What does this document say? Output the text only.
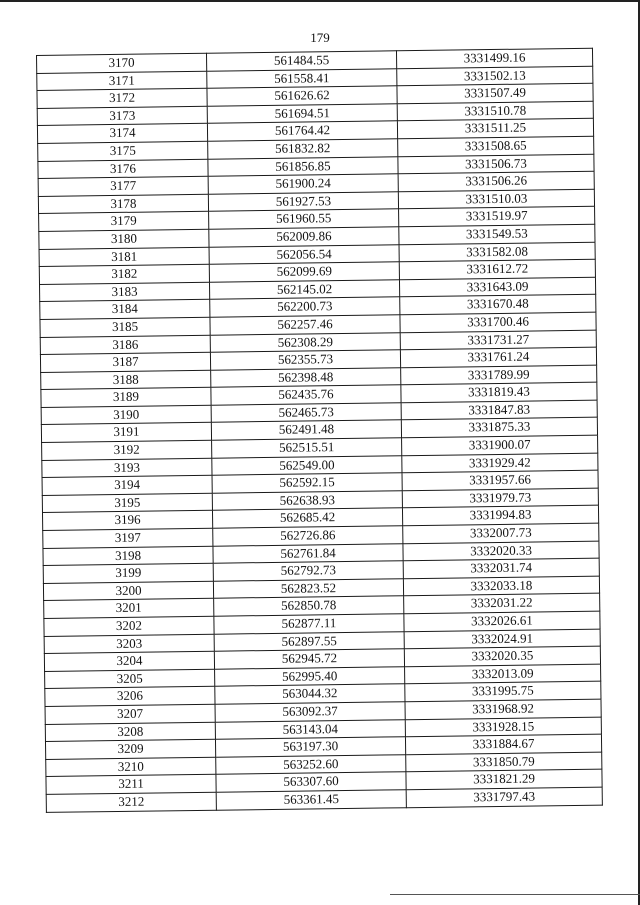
179
3170	561484.55	3331499.16
3171	561558.41	3331502.13
3172	561626.62	3331507.49
3173	561694.51	3331510.78
3174	561764.42	3331511.25
3175	561832.82	3331508.65
3176	561856.85	3331506.73
3177	561900.24	3331506.26
3178	561927.53	3331510.03
3179	561960.55	3331519.97
3180	562009.86	3331549.53
3181	562056.54	3331582.08
3182	562099.69	3331612.72
3183	562145.02	3331643.09
3184	562200.73	3331670.48
3185	562257.46	3331700.46
3186	562308.29	3331731.27
3187	562355.73	3331761.24
3188	562398.48	3331789.99
3189	562435.76	3331819.43
3190	562465.73	3331847.83
3191	562491.48	3331875.33
3192	562515.51	3331900.07
3193	562549.00	3331929.42
3194	562592.15	3331957.66
3195	562638.93	3331979.73
3196	562685.42	3331994.83
3197	562726.86	3332007.73
3198	562761.84	3332020.33
3199	562792.73	3332031.74
3200	562823.52	3332033.18
3201	562850.78	3332031.22
3202	562877.11	3332026.61
3203	562897.55	3332024.91
3204	562945.72	3332020.35
3205	562995.40	3332013.09
3206	563044.32	3331995.75
3207	563092.37	3331968.92
3208	563143.04	3331928.15
3209	563197.30	3331884.67
3210	563252.60	3331850.79
3211	563307.60	3331821.29
3212	563361.45	3331797.43
